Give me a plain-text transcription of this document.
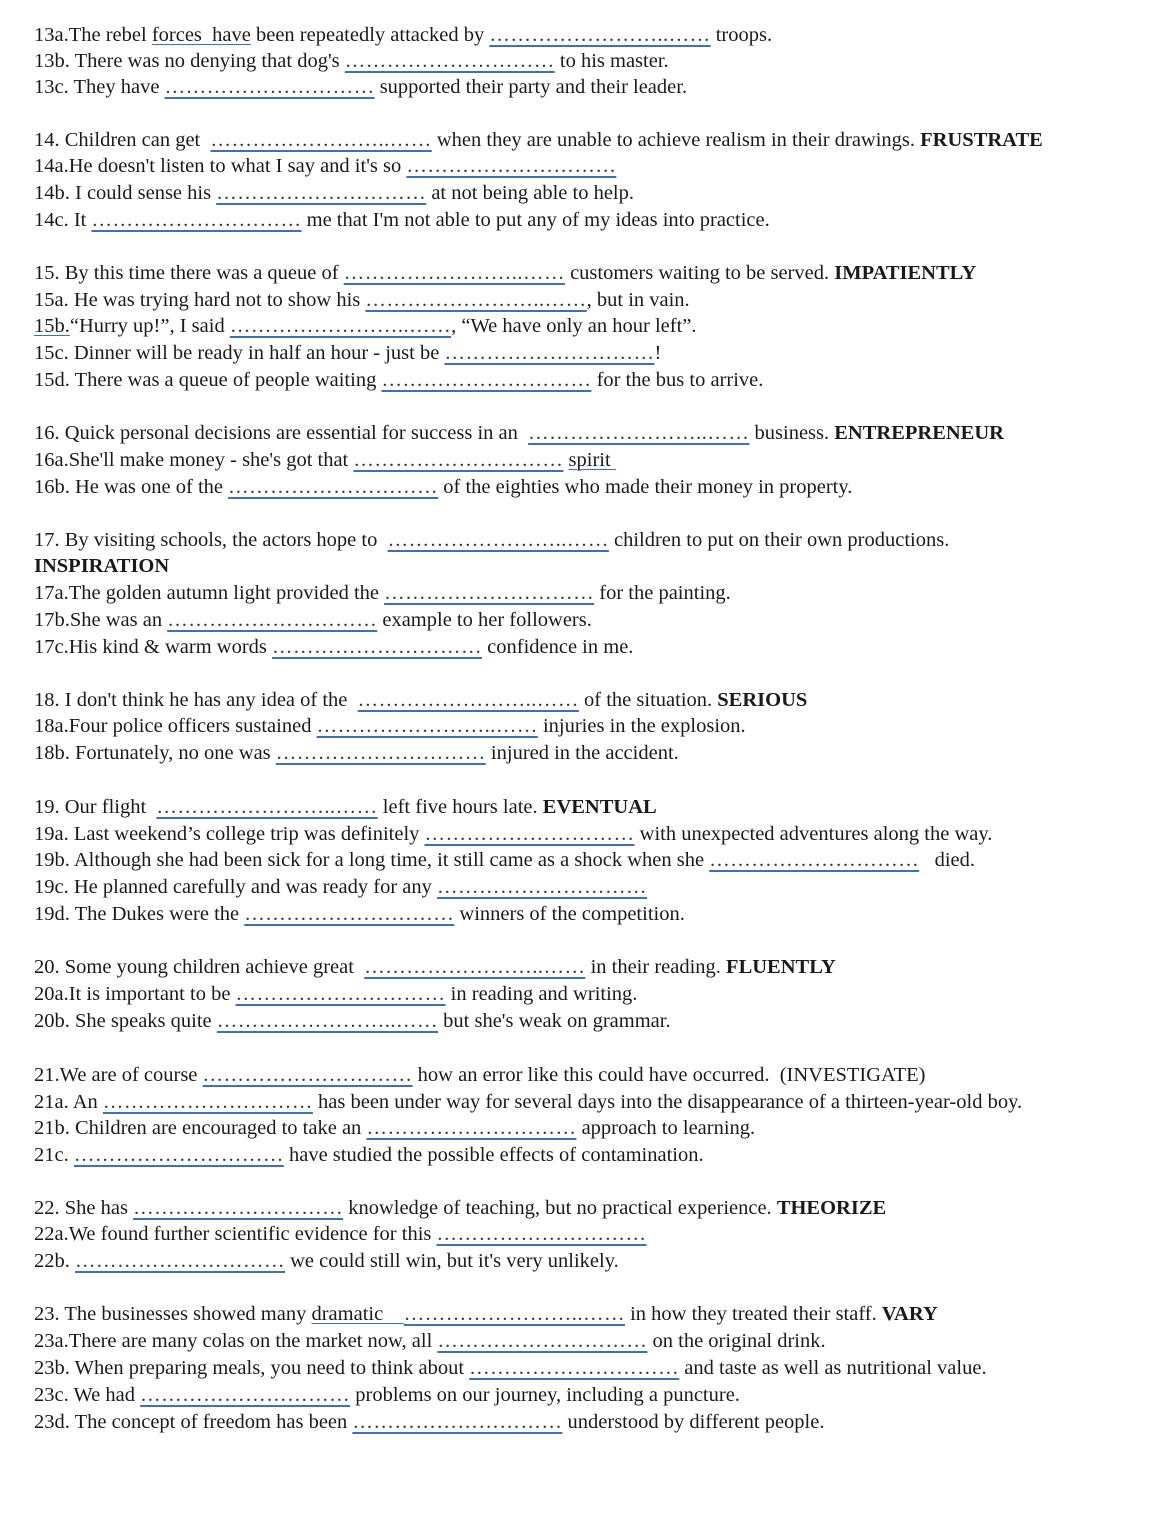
13a.The rebel forces  have been repeatedly attacked by ……………………..…… troops.
13b. There was no denying that dog's ………………………… to his master.
13c. They have ………………………… supported their party and their leader.
14. Children can get  ……………………..…… when they are unable to achieve realism in their drawings. FRUSTRATE
14a.He doesn't listen to what I say and it's so …………………………
14b. I could sense his ………………………… at not being able to help.
14c. It ………………………… me that I'm not able to put any of my ideas into practice.
15. By this time there was a queue of ……………………..…… customers waiting to be served. IMPATIENTLY
15a. He was trying hard not to show his ……………………..……, but in vain.
15b.“Hurry up!”, I said ……………………..……, “We have only an hour left”.
15c. Dinner will be ready in half an hour - just be …………………………!
15d. There was a queue of people waiting ………………………… for the bus to arrive.
16. Quick personal decisions are essential for success in an  ……………………..…… business. ENTREPRENEUR
16a.She'll make money - she's got that ………………………… spirit
16b. He was one of the ………………………… of the eighties who made their money in property.
17. By visiting schools, the actors hope to  ……………………..…… children to put on their own productions.
INSPIRATION
17a.The golden autumn light provided the ………………………… for the painting.
17b.She was an ………………………… example to her followers.
17c.His kind & warm words ………………………… confidence in me.
18. I don't think he has any idea of the  ……………………..…… of the situation. SERIOUS
18a.Four police officers sustained ……………………..…… injuries in the explosion.
18b. Fortunately, no one was ………………………… injured in the accident.
19. Our flight  ……………………..…… left five hours late. EVENTUAL
19a. Last weekend’s college trip was definitely ………………………… with unexpected adventures along the way.
19b. Although she had been sick for a long time, it still came as a shock when she …………………………   died.
19c. He planned carefully and was ready for any …………………………
19d. The Dukes were the ………………………… winners of the competition.
20. Some young children achieve great  ……………………..…… in their reading. FLUENTLY
20a.It is important to be ………………………… in reading and writing.
20b. She speaks quite ……………………..…… but she's weak on grammar.
21.We are of course ………………………… how an error like this could have occurred.  (INVESTIGATE)
21a. An ………………………… has been under way for several days into the disappearance of a thirteen-year-old boy.
21b. Children are encouraged to take an ………………………… approach to learning.
21c. ………………………… have studied the possible effects of contamination.
22. She has ………………………… knowledge of teaching, but no practical experience. THEORIZE
22a.We found further scientific evidence for this …………………………
22b. ………………………… we could still win, but it's very unlikely.
23. The businesses showed many dramatic    ……………………..…… in how they treated their staff. VARY
23a.There are many colas on the market now, all ………………………… on the original drink.
23b. When preparing meals, you need to think about ………………………… and taste as well as nutritional value.
23c. We had ………………………… problems on our journey, including a puncture.
23d. The concept of freedom has been ………………………… understood by different people.
